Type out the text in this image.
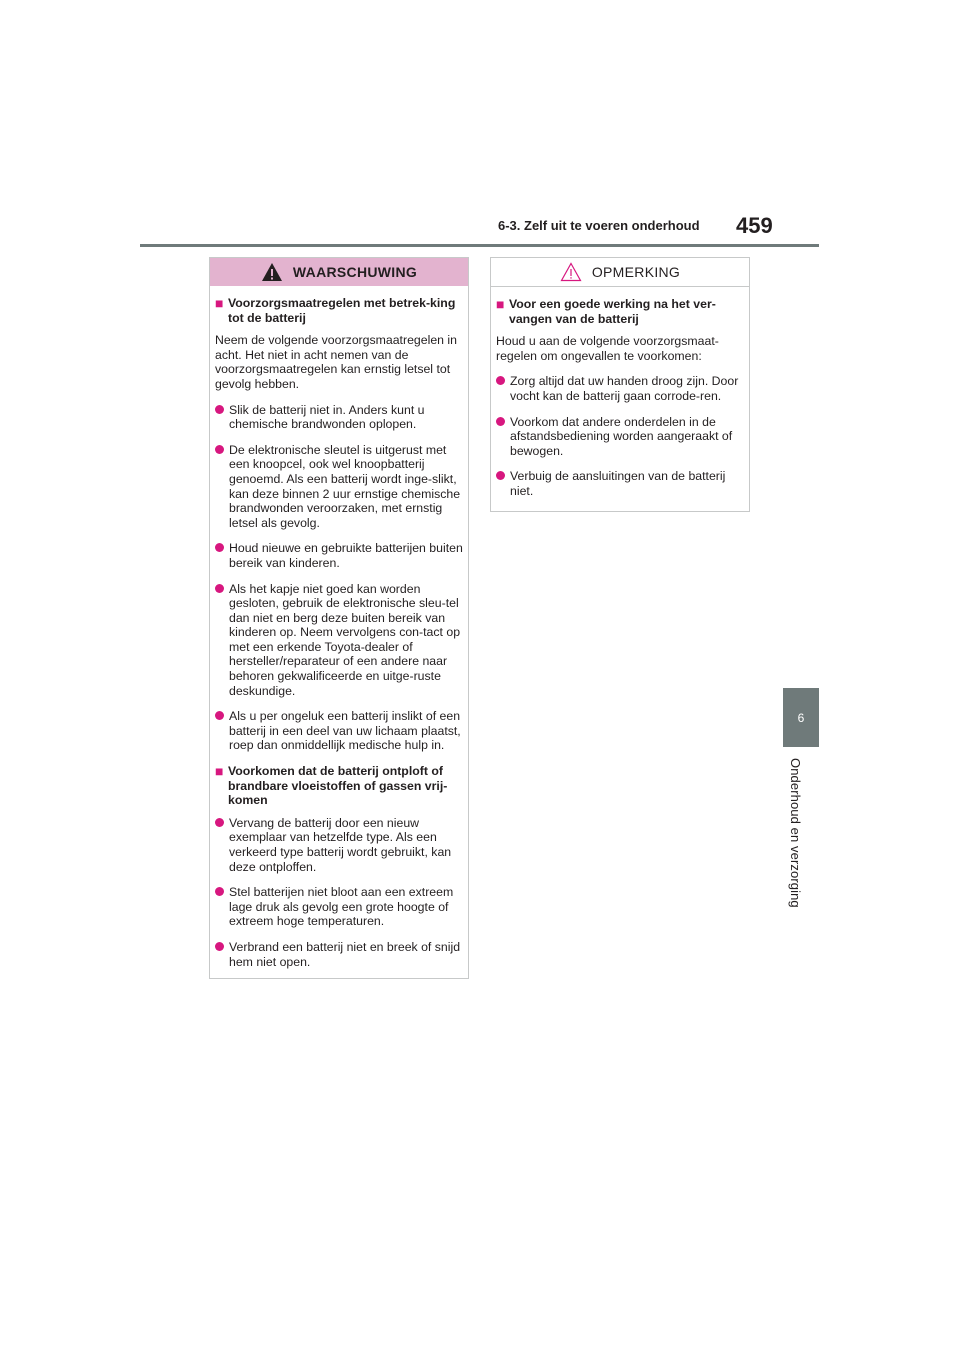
6-3. Zelf uit te voeren onderhoud 459
6
Onderhoud en verzorging
WAARSCHUWING
■ Voorzorgsmaatregelen met betrek-king tot de batterij

Neem de volgende voorzorgsmaatregelen in acht. Het niet in acht nemen van de voorzorgsmaatregelen kan ernstig letsel tot gevolg hebben.

Slik de batterij niet in. Anders kunt u chemische brandwonden oplopen.
De elektronische sleutel is uitgerust met een knoopcel, ook wel knoopbatterij genoemd. Als een batterij wordt inge-slikt, kan deze binnen 2 uur ernstige chemische brandwonden veroorzaken, met ernstig letsel als gevolg.
Houd nieuwe en gebruikte batterijen buiten bereik van kinderen.
Als het kapje niet goed kan worden gesloten, gebruik de elektronische sleu-tel dan niet en berg deze buiten bereik van kinderen op. Neem vervolgens con-tact op met een erkende Toyota-dealer of hersteller/reparateur of een andere naar behoren gekwalificeerde en uitge-ruste deskundige.
Als u per ongeluk een batterij inslikt of een batterij in een deel van uw lichaam plaatst, roep dan onmiddellijk medische hulp in.
■ Voorkomen dat de batterij ontploft of brandbare vloeistoffen of gassen vrij-komen
Vervang de batterij door een nieuw exemplaar van hetzelfde type. Als een verkeerd type batterij wordt gebruikt, kan deze ontploffen.
Stel batterijen niet bloot aan een extreem lage druk als gevolg een grote hoogte of extreem hoge temperaturen.
Verbrand een batterij niet en breek of snijd hem niet open.
OPMERKING
■ Voor een goede werking na het ver-vangen van de batterij

Houd u aan de volgende voorzorgsmaat-regelen om ongevallen te voorkomen:

Zorg altijd dat uw handen droog zijn. Door vocht kan de batterij gaan corrode-ren.
Voorkom dat andere onderdelen in de afstandsbediening worden aangeraakt of bewogen.
Verbuig de aansluitingen van de batterij niet.
